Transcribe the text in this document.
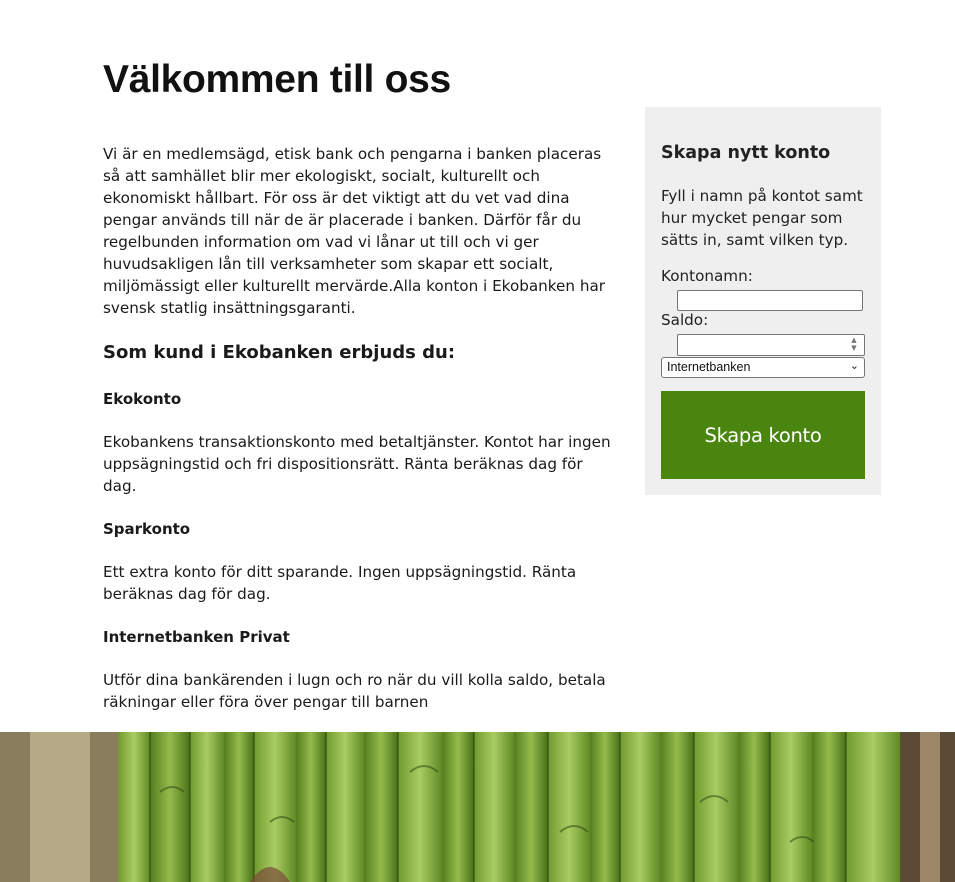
Välkommen till oss

Vi är en medlemsägd, etisk bank och pengarna i banken placeras så att samhället blir mer ekologiskt, socialt, kulturellt och ekonomiskt hållbart. För oss är det viktigt att du vet vad dina pengar används till när de är placerade i banken. Därför får du regelbunden information om vad vi lånar ut till och vi ger huvudsakligen lån till verksamheter som skapar ett socialt, miljömässigt eller kulturellt mervärde.Alla konton i Ekobanken har svensk statlig insättningsgaranti.

Som kund i Ekobanken erbjuds du:

Ekokonto

Ekobankens transaktionskonto med betaltjänster. Kontot har ingen uppsägningstid och fri dispositionsrätt. Ränta beräknas dag för dag.

Sparkonto

Ett extra konto för ditt sparande. Ingen uppsägningstid. Ränta beräknas dag för dag.

Internetbanken Privat

Utför dina bankärenden i lugn och ro när du vill kolla saldo, betala räkningar eller föra över pengar till barnen

Skapa nytt konto

Fyll i namn på kontot samt hur mycket pengar som sätts in, samt vilken typ.

Kontonamn:
Saldo:
▲
▼
Internetbanken	⌄
Skapa konto
